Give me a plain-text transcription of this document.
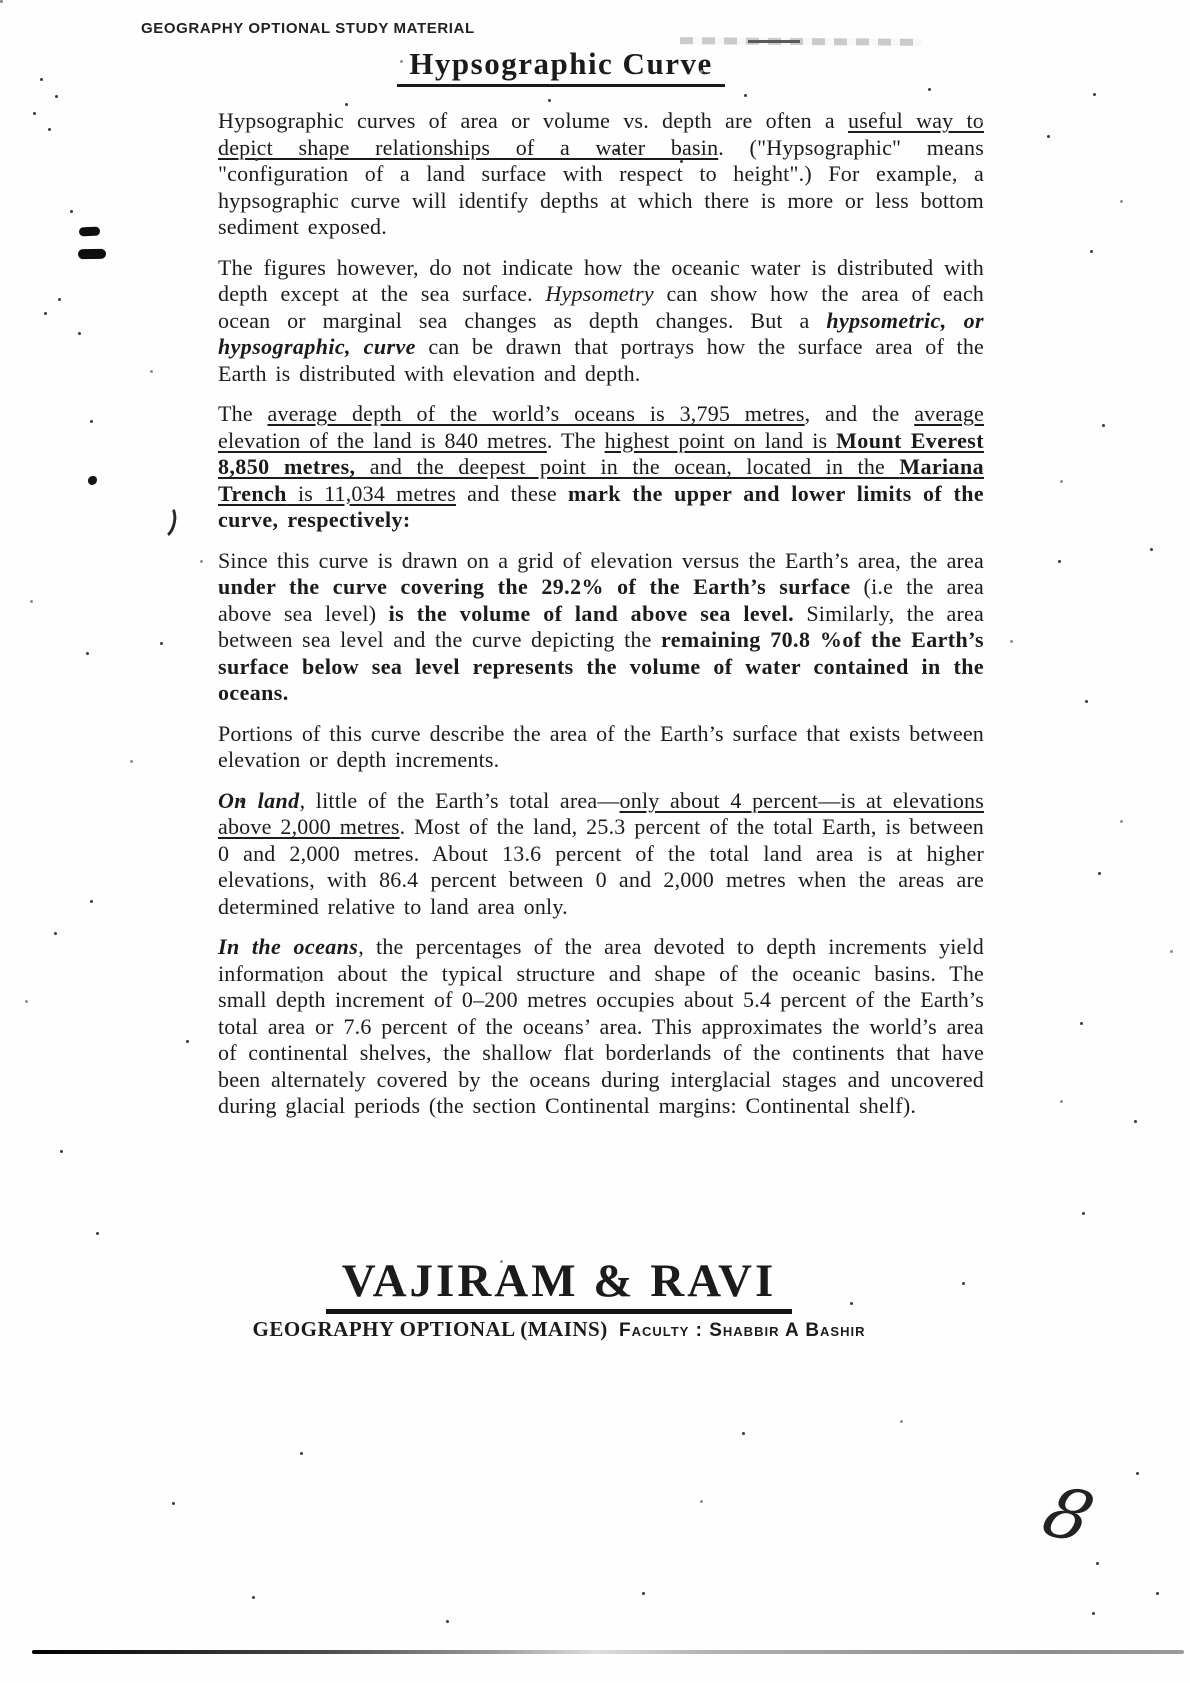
GEOGRAPHY OPTIONAL STUDY MATERIAL
Hypsographic Curve

Hypsographic curves of area or volume vs. depth are often a useful way to depict shape relationships of a water basin. ("Hypsographic" means "configuration of a land surface with respect to height".) For example, a hypsographic curve will identify depths at which there is more or less bottom sediment exposed.

The figures however, do not indicate how the oceanic water is distributed with depth except at the sea surface. Hypsometry can show how the area of each ocean or marginal sea changes as depth changes. But a hypsometric, or hypsographic, curve can be drawn that portrays how the surface area of the Earth is distributed with elevation and depth.

The average depth of the world’s oceans is 3,795 metres, and the average elevation of the land is 840 metres. The highest point on land is Mount Everest 8,850 metres, and the deepest point in the ocean, located in the Mariana Trench is 11,034 metres and these mark the upper and lower limits of the curve, respectively:

Since this curve is drawn on a grid of elevation versus the Earth’s area, the area under the curve covering the 29.2% of the Earth’s surface (i.e the area above sea level) is the volume of land above sea level. Similarly, the area between sea level and the curve depicting the remaining 70.8 %of the Earth’s surface below sea level represents the volume of water contained in the oceans.

Portions of this curve describe the area of the Earth’s surface that exists between elevation or depth increments.

On land, little of the Earth’s total area—only about 4 percent—is at elevations above 2,000 metres. Most of the land, 25.3 percent of the total Earth, is between 0 and 2,000 metres. About 13.6 percent of the total land area is at higher elevations, with 86.4 percent between 0 and 2,000 metres when the areas are determined relative to land area only.

In the oceans, the percentages of the area devoted to depth increments yield information about the typical structure and shape of the oceanic basins. The small depth increment of 0–200 metres occupies about 5.4 percent of the Earth’s total area or 7.6 percent of the oceans’ area. This approximates the world’s area of continental shelves, the shallow flat borderlands of the continents that have been alternately covered by the oceans during interglacial stages and uncovered during glacial periods (the section Continental margins: Continental shelf).

VAJIRAM & RAVI
GEOGRAPHY OPTIONAL (MAINS) Faculty : Shabbir A Bashir
8
